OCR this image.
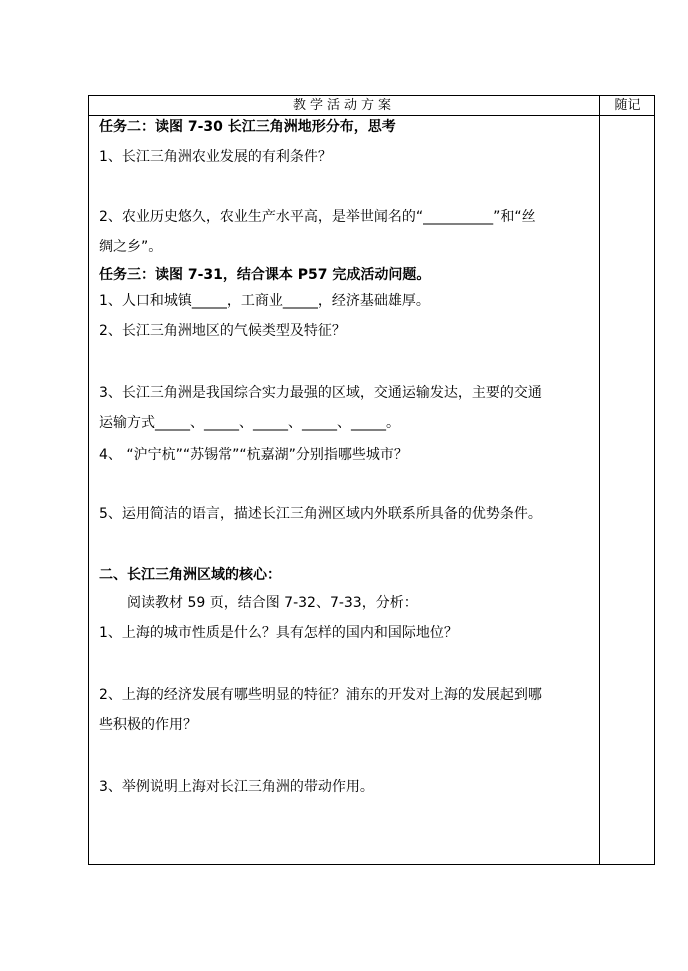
教学活动方案	随记
任务二：读图 7-30 长江三角洲地形分布，思考
1、长江三角洲农业发展的有利条件？
2、农业历史悠久，农业生产水平高，是举世闻名的“__________”和“丝
绸之乡”。
任务三：读图 7-31，结合课本 P57 完成活动问题。
1、人口和城镇_____，工商业_____，经济基础雄厚。
2、长江三角洲地区的气候类型及特征？
3、长江三角洲是我国综合实力最强的区域，交通运输发达，主要的交通
运输方式_____、_____、_____、_____、_____。
4、 “沪宁杭”“苏锡常”“杭嘉湖”分别指哪些城市？
5、运用简洁的语言，描述长江三角洲区域内外联系所具备的优势条件。
二、长江三角洲区域的核心：
阅读教材 59 页，结合图 7-32、7-33，分析：
1、上海的城市性质是什么？具有怎样的国内和国际地位？
2、上海的经济发展有哪些明显的特征？浦东的开发对上海的发展起到哪
些积极的作用？
3、举例说明上海对长江三角洲的带动作用。
